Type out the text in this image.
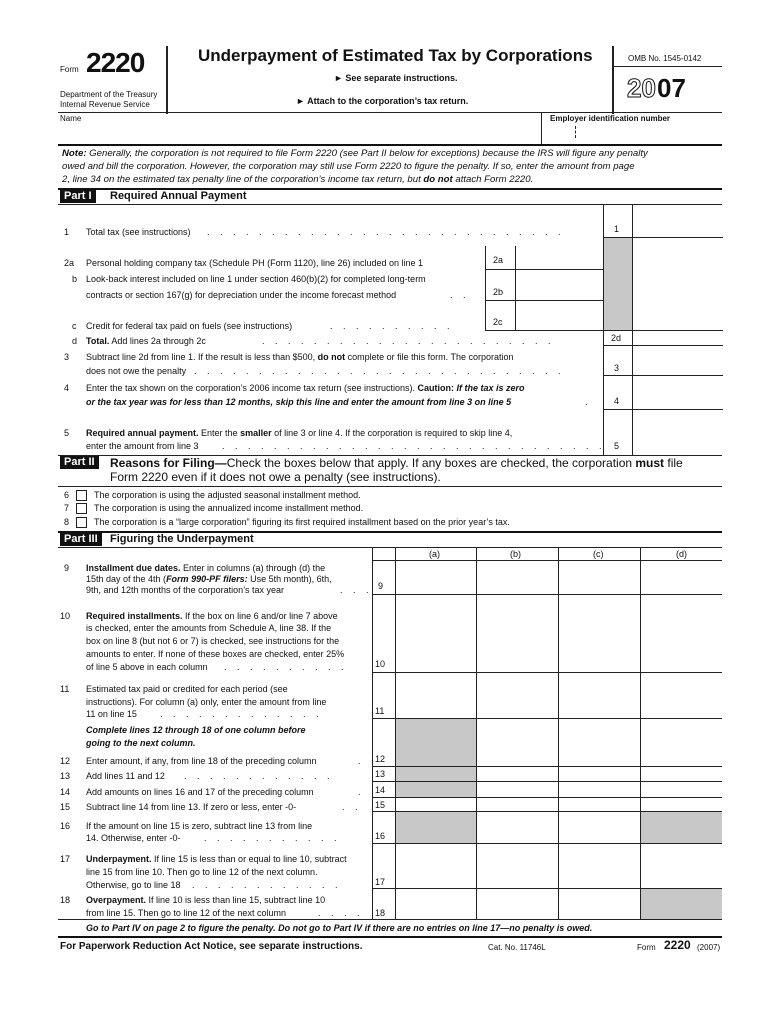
Form 2220
Department of the Treasury
Internal Revenue Service
Underpayment of Estimated Tax by Corporations
► See separate instructions.
► Attach to the corporation’s tax return.
OMB No. 1545-0142
20 07
Name	Employer identification number
Note: Generally, the corporation is not required to file Form 2220 (see Part II below for exceptions) because the IRS will figure any penalty
owed and bill the corporation. However, the corporation may still use Form 2220 to figure the penalty. If so, enter the amount from page
2, line 34 on the estimated tax penalty line of the corporation’s income tax return, but do not attach Form 2220.
Part I	Required Annual Payment
1 Total tax (see instructions) . . . . . . . . . . . . . . . . . . . . . . . . . . . .	1
2a Personal holding company tax (Schedule PH (Form 1120), line 26) included on line 1	2a
b Look-back interest included on line 1 under section 460(b)(2) for completed long-term
contracts or section 167(g) for depreciation under the income forecast method	. .	2b
c Credit for federal tax paid on fuels (see instructions)	. . . . . . . . . .	2c
d Total. Add lines 2a through 2c	. . . . . . . . . . . . . . . . . . . . . . .	2d
3 Subtract line 2d from line 1. If the result is less than $500, do not complete or file this form. The corporation
does not owe the penalty . . . . . . . . . . . . . . . . . . . . . . . . . . . . .	3
4 Enter the tax shown on the corporation’s 2006 income tax return (see instructions). Caution: If the tax is zero
or the tax year was for less than 12 months, skip this line and enter the amount from line 3 on line 5	. 4
5 Required annual payment. Enter the smaller of line 3 or line 4. If the corporation is required to skip line 4,
enter the amount from line 3	. . . . . . . . . . . . . . . . . . . . . . . . . . . . . . 5
Part II	Reasons for Filing—Check the boxes below that apply. If any boxes are checked, the corporation must file
Form 2220 even if it does not owe a penalty (see instructions).
6	The corporation is using the adjusted seasonal installment method.
7	The corporation is using the annualized income installment method.
8	The corporation is a “large corporation” figuring its first required installment based on the prior year’s tax.
Part III	Figuring the Underpayment
(a)	(b)	(c)	(d)
9 Installment due dates. Enter in columns (a) through (d) the
15th day of the 4th (Form 990-PF filers: Use 5th month), 6th,
9th, and 12th months of the corporation’s tax year	. . . 9
10 Required installments. If the box on line 6 and/or line 7 above
is checked, enter the amounts from Schedule A, line 38. If the
box on line 8 (but not 6 or 7) is checked, see instructions for the
amounts to enter. If none of these boxes are checked, enter 25%
of line 5 above in each column . . . . . . . . . .	10
11 Estimated tax paid or credited for each period (see
instructions). For column (a) only, enter the amount from line
11 on line 15	. . . . . . . . . . . . .	11
Complete lines 12 through 18 of one column before
going to the next column.
12 Enter amount, if any, from line 18 of the preceding column	. 12
13 Add lines 11 and 12 . . . . . . . . . . . .	13
14 Add amounts on lines 16 and 17 of the preceding column	. 14
15 Subtract line 14 from line 13. If zero or less, enter -0-	. . 15
16 If the amount on line 15 is zero, subtract line 13 from line
14. Otherwise, enter -0-	. . . . . . . . . . .	16
17 Underpayment. If line 15 is less than or equal to line 10, subtract
line 15 from line 10. Then go to line 12 of the next column.
Otherwise, go to line 18 . . . . . . . . . . . .	17
18 Overpayment. If line 10 is less than line 15, subtract line 10
from line 15. Then go to line 12 of the next column	. . . . 18
Go to Part IV on page 2 to figure the penalty. Do not go to Part IV if there are no entries on line 17—no penalty is owed.
For Paperwork Reduction Act Notice, see separate instructions.	Cat. No. 11746L	Form 2220 (2007)
